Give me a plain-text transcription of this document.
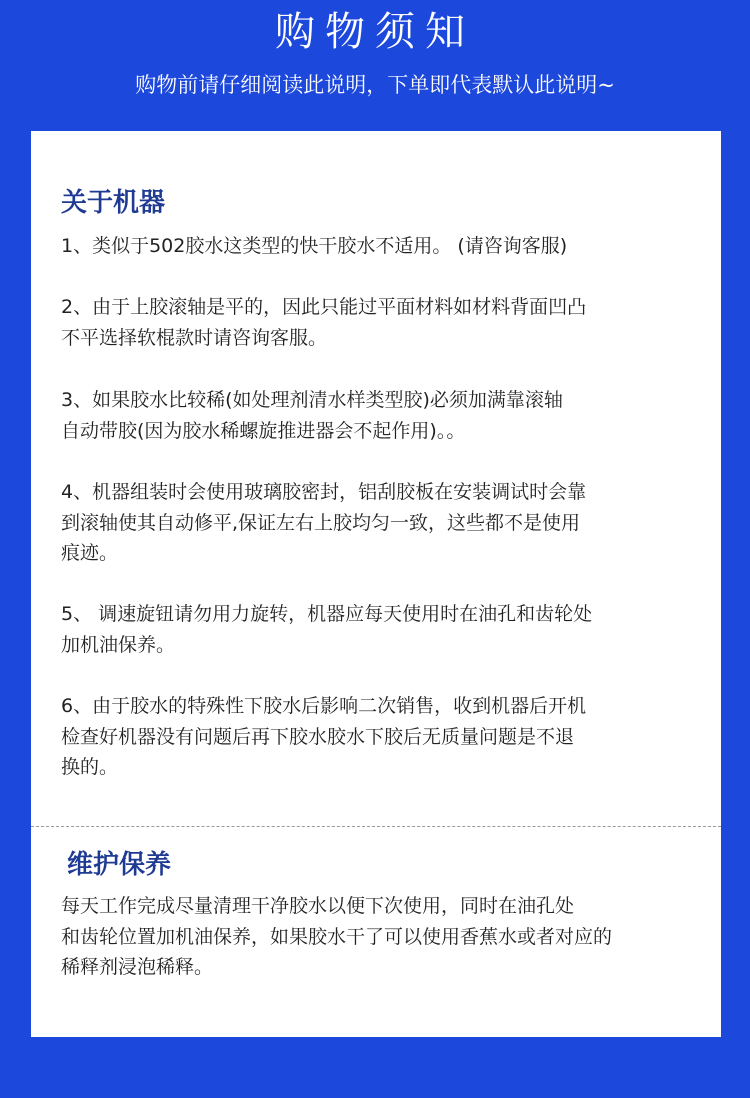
购物须知
购物前请仔细阅读此说明，下单即代表默认此说明~
关于机器
1、类似于502胶水这类型的快干胶水不适用。 (请咨询客服)
2、由于上胶滚轴是平的，因此只能过平面材料如材料背面凹凸
不平选择软棍款时请咨询客服。
3、如果胶水比较稀(如处理剂清水样类型胶)必须加满靠滚轴
自动带胶(因为胶水稀螺旋推进器会不起作用)。。
4、机器组装时会使用玻璃胶密封，铝刮胶板在安装调试时会靠
到滚轴使其自动修平,保证左右上胶均匀一致，这些都不是使用
痕迹。
5、 调速旋钮请勿用力旋转，机器应每天使用时在油孔和齿轮处
加机油保养。
6、由于胶水的特殊性下胶水后影响二次销售，收到机器后开机
检查好机器没有问题后再下胶水胶水下胶后无质量问题是不退
换的。
维护保养
每天工作完成尽量清理干净胶水以便下次使用，同时在油孔处
和齿轮位置加机油保养，如果胶水干了可以使用香蕉水或者对应的
稀释剂浸泡稀释。
